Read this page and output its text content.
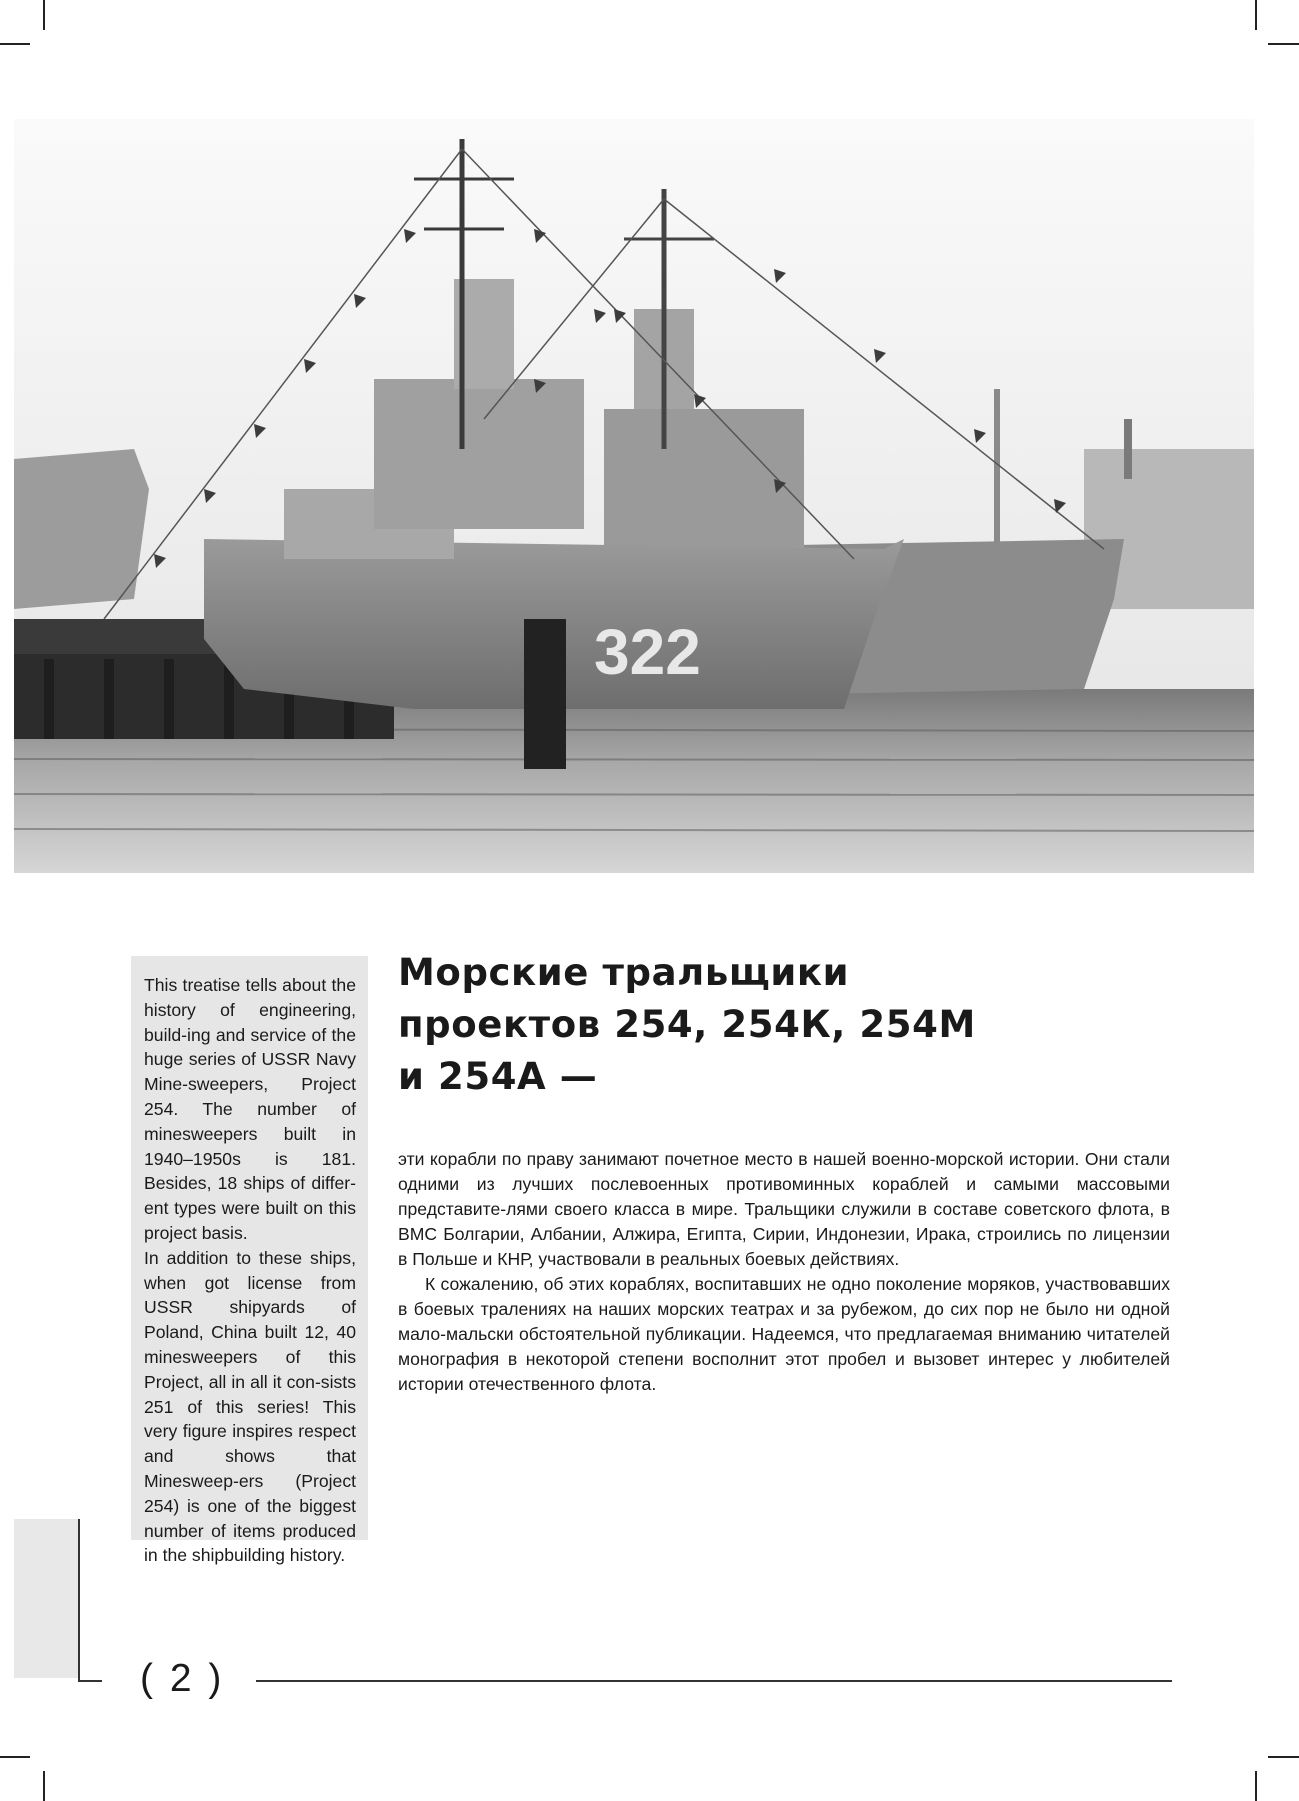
322

This treatise tells about the history of engineering, build-ing and service of the huge series of USSR Navy Mine-sweepers, Project 254. The number of minesweepers built in 1940–1950s is 181. Besides, 18 ships of differ-ent types were built on this project basis.

In addition to these ships, when got license from USSR shipyards of Poland, China built 12, 40 minesweepers of this Project, all in all it con-sists 251 of this series! This very figure inspires respect and shows that Minesweep-ers (Project 254) is one of the biggest number of items produced in the shipbuilding history.

Морские тральщики
проектов 254, 254К, 254М
и 254А —

эти корабли по праву занимают почетное место в нашей военно-морской истории. Они стали одними из лучших послевоенных противоминных кораблей и самыми массовыми представите-лями своего класса в мире. Тральщики служили в составе советского флота, в ВМС Болгарии, Албании, Алжира, Египта, Сирии, Индонезии, Ирака, строились по лицензии в Польше и КНР, участвовали в реальных боевых действиях.

К сожалению, об этих кораблях, воспитавших не одно поколение моряков, участвовавших в боевых тралениях на наших морских театрах и за рубежом, до сих пор не было ни одной мало-мальски обстоятельной публикации. Надеемся, что предлагаемая вниманию читателей монография в некоторой степени восполнит этот пробел и вызовет интерес у любителей истории отечественного флота.

( 2 )
